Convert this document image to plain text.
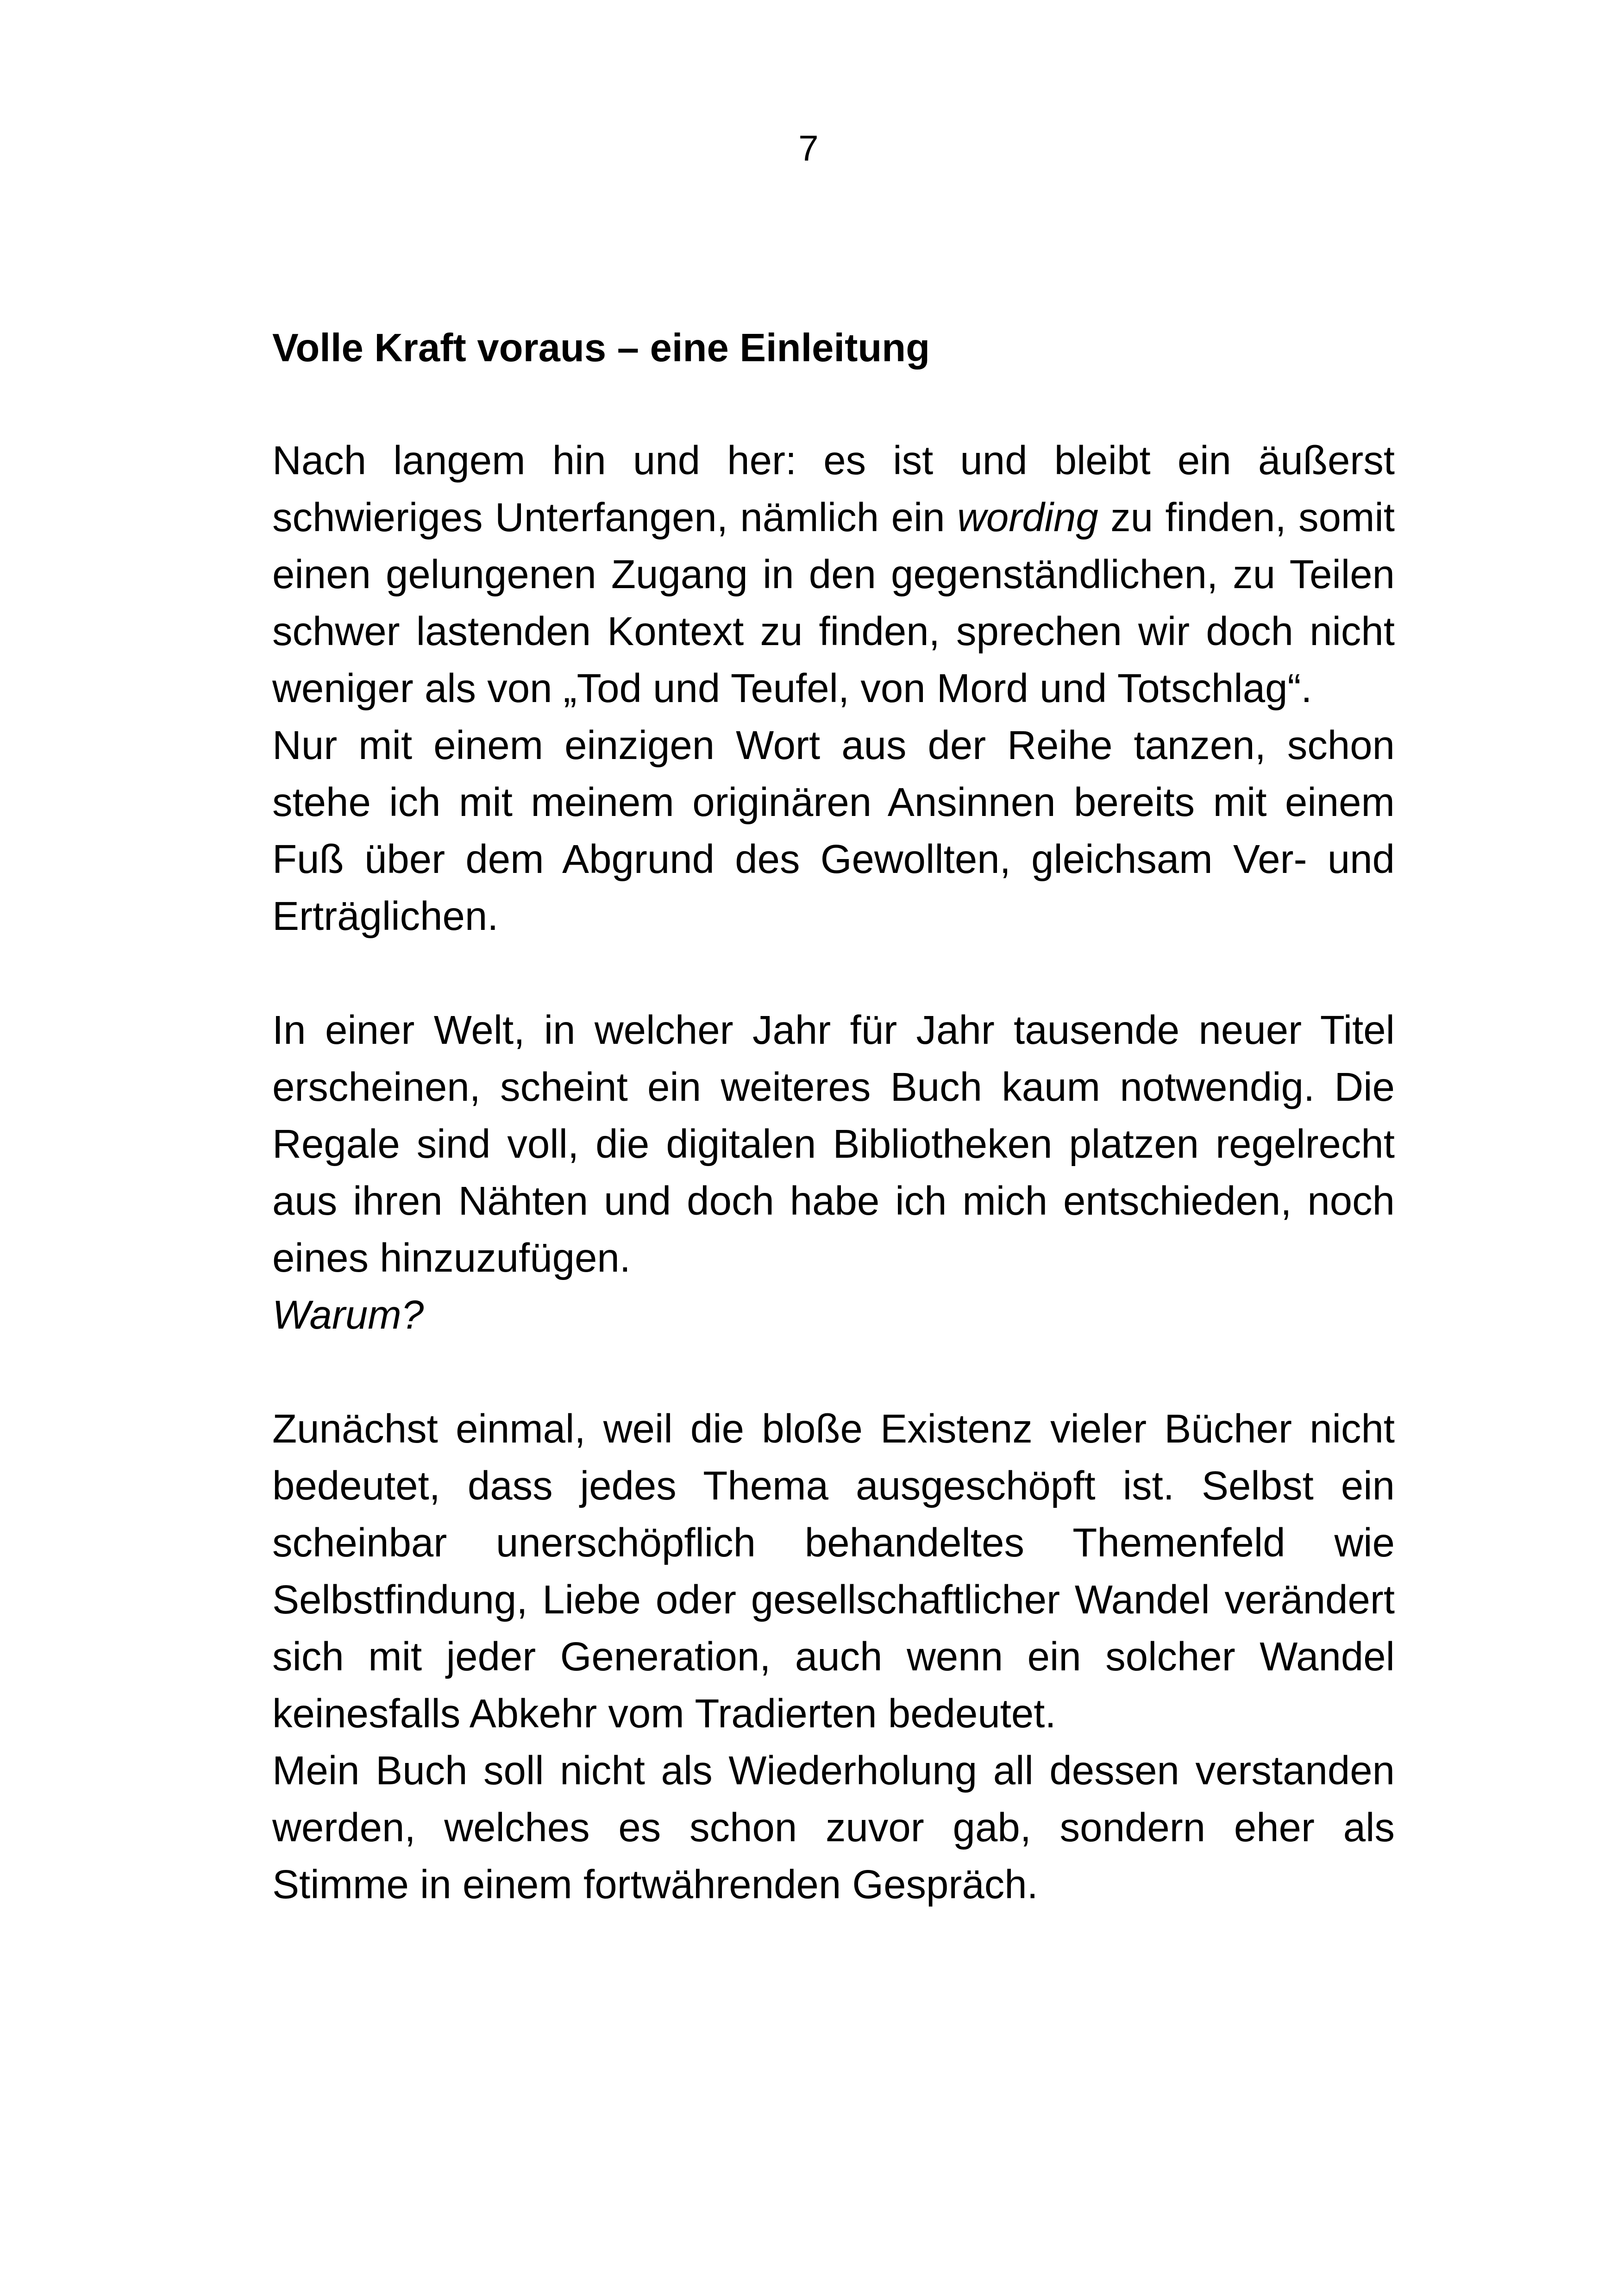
7
Volle Kraft voraus – eine Einleitung

Nach langem hin und her: es ist und bleibt ein äußerst schwieriges Unterfangen, nämlich ein wording zu finden, somit einen gelungenen Zugang in den gegenständlichen, zu Teilen schwer lastenden Kontext zu finden, sprechen wir doch nicht weniger als von „Tod und Teufel, von Mord und Totschlag“.

Nur mit einem einzigen Wort aus der Reihe tanzen, schon stehe ich mit meinem originären Ansinnen bereits mit einem Fuß über dem Abgrund des Gewollten, gleichsam Ver- und Erträglichen.

In einer Welt, in welcher Jahr für Jahr tausende neuer Titel erscheinen, scheint ein weiteres Buch kaum notwendig. Die Regale sind voll, die digitalen Bibliotheken platzen regelrecht aus ihren Nähten und doch habe ich mich entschieden, noch eines hinzuzufügen.

Warum?

Zunächst einmal, weil die bloße Existenz vieler Bücher nicht bedeutet, dass jedes Thema ausgeschöpft ist. Selbst ein scheinbar unerschöpflich behandeltes Themenfeld wie Selbstfindung, Liebe oder gesellschaftlicher Wandel verändert sich mit jeder Generation, auch wenn ein solcher Wandel keinesfalls Abkehr vom Tradierten bedeutet.

Mein Buch soll nicht als Wiederholung all dessen verstanden werden, welches es schon zuvor gab, sondern eher als Stimme in einem fortwährenden Gespräch.
